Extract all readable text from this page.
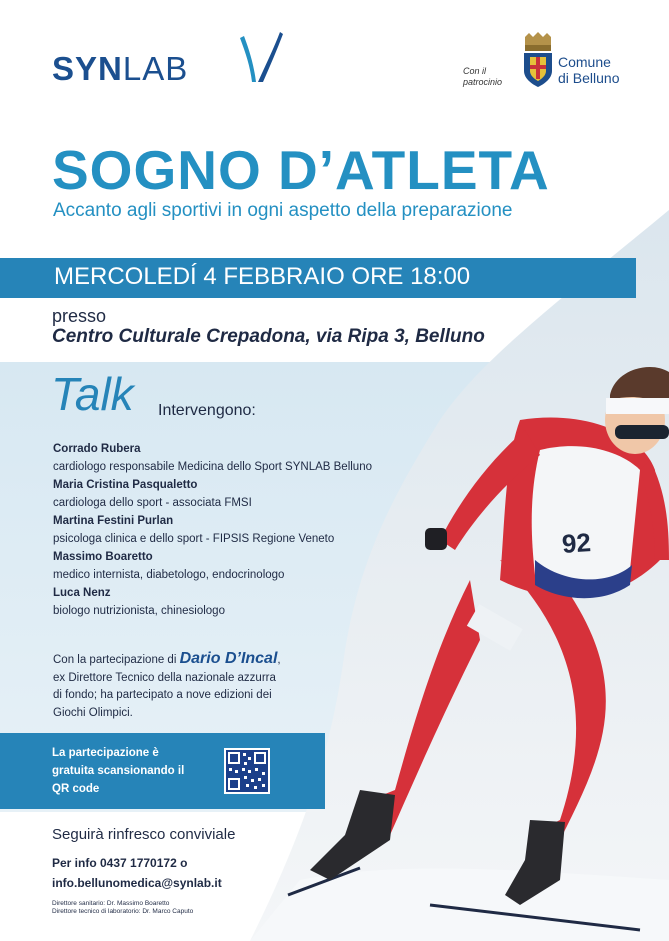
SYNLAB	Con il
patrocinio
Comune
di Belluno
SOGNO D’ATLETA
Accanto agli sportivi in ogni aspetto della preparazione
MERCOLEDÍ 4 FEBBRAIO ORE 18:00
presso
Centro Culturale Crepadona, via Ripa 3, Belluno
Talk Intervengono:
Corrado Rubera
cardiologo responsabile Medicina dello Sport SYNLAB Belluno
Maria Cristina Pasqualetto
cardiologa dello sport - associata FMSI
Martina Festini Purlan
psicologa clinica e dello sport - FIPSIS Regione Veneto
Massimo Boaretto
medico internista, diabetologo, endocrinologo
Luca Nenz
biologo nutrizionista, chinesiologo
Con la partecipazione di Dario D’Incal,
ex Direttore Tecnico della nazionale azzurra
di fondo; ha partecipato a nove edizioni dei
Giochi Olimpici.
La partecipazione è
gratuita scansionando il
QR code
Seguirà rinfresco conviviale
Per info 0437 1770172 o
info.bellunomedica@synlab.it
Direttore sanitario: Dr. Massimo Boaretto
Direttore tecnico di laboratorio: Dr. Marco Caputo
92
